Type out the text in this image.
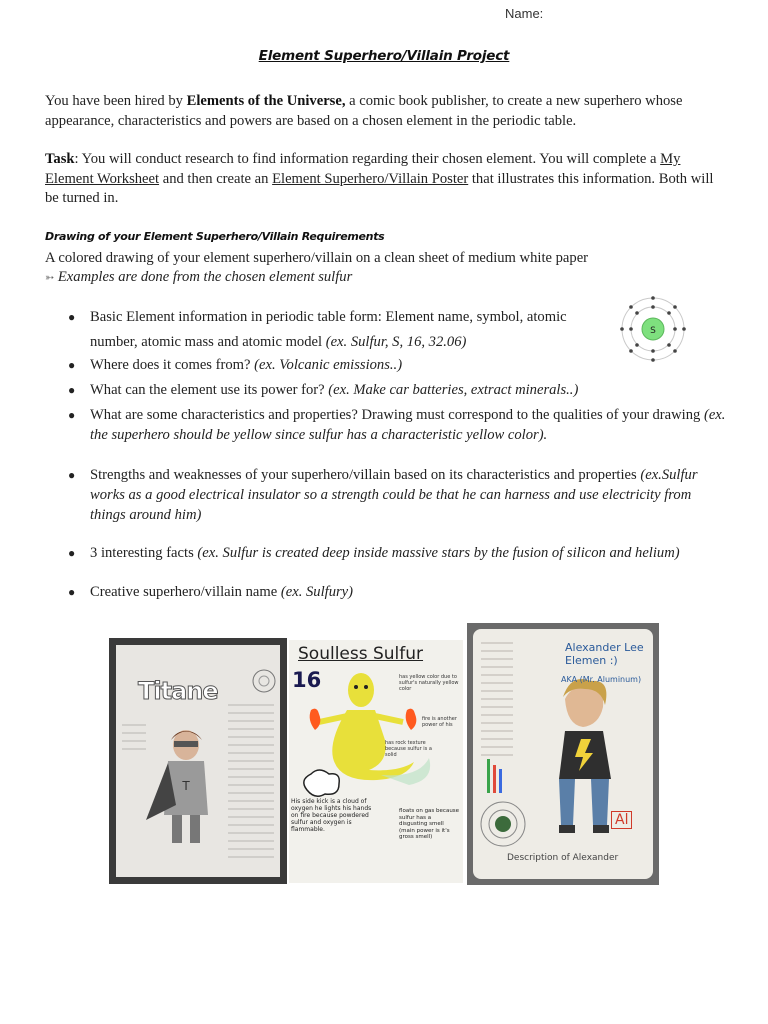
Name:
Element Superhero/Villain Project

You have been hired by Elements of the Universe, a comic book publisher, to create a new superhero whose appearance, characteristics and powers are based on a chosen element in the periodic table.

Task: You will conduct research to find information regarding their chosen element. You will complete a My Element Worksheet and then create an Element Superhero/Villain Poster that illustrates this information. Both will be turned in.

Drawing of your Element Superhero/Villain Requirements
A colored drawing of your element superhero/villain on a clean sheet of medium white paper
➳ Examples are done from the chosen element sulfur
● Basic Element information in periodic table form: Element name, symbol, atomic number, atomic mass and atomic model (ex. Sulfur, S, 16, 32.06)
● Where does it comes from? (ex. Volcanic emissions..)
● What can the element use its power for? (ex. Make car batteries, extract minerals..)
● What are some characteristics and properties? Drawing must correspond to the qualities of your drawing (ex. the superhero should be yellow since sulfur has a characteristic yellow color).
● Strengths and weaknesses of your superhero/villain based on its characteristics and properties (ex.Sulfur works as a good electrical insulator so a strength could be that he can harness and use electricity from things around him)
● 3 interesting facts (ex. Sulfur is created deep inside massive stars by the fusion of silicon and helium)
● Creative superhero/villain name (ex. Sulfury)
S
Titane
T
Soulless Sulfur
16	has yellow color due to sulfur's naturally yellow color
fire is another power of his
has rock texture because sulfur is a solid
His side kick is a cloud of oxygen he lights his hands on fire because powdered sulfur and oxygen is flammable.
floats on gas because sulfur has a disgusting smell (main power is it's gross smell)
Alexander Lee Elemen :)
AKA (Mr. Aluminum)
Al
Description of Alexander
